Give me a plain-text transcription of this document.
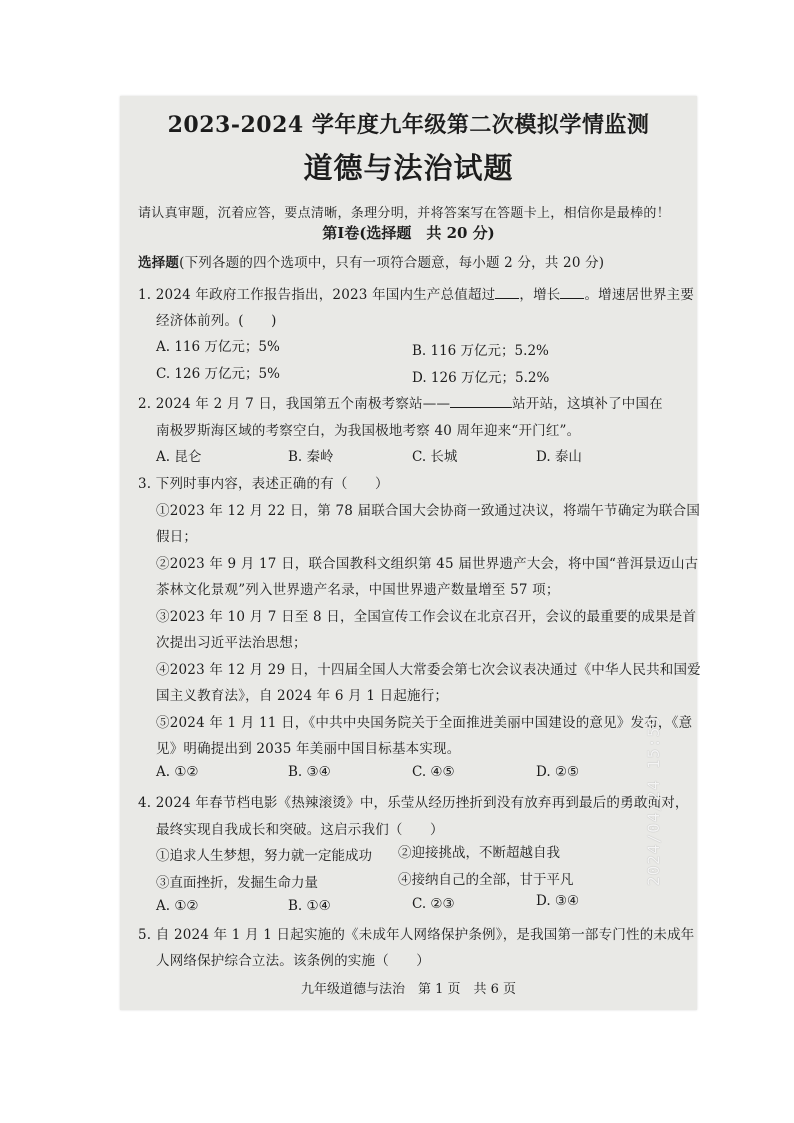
2023-2024 学年度九年级第二次模拟学情监测
道德与法治试题
请认真审题，沉着应答，要点清晰，条理分明，并将答案写在答题卡上，相信你是最棒的！
第Ⅰ卷(选择题　共 20 分)
选择题(下列各题的四个选项中，只有一项符合题意，每小题 2 分，共 20 分)
1. 2024 年政府工作报告指出，2023 年国内生产总值超过 ，增长 。增速居世界主要
经济体前列。(　　)
A. 116 万亿元；5%	B. 116 万亿元；5.2%
C. 126 万亿元；5%	D. 126 万亿元；5.2%
2. 2024 年 2 月 7 日，我国第五个南极考察站——	站开站，这填补了中国在
南极罗斯海区域的考察空白，为我国极地考察 40 周年迎来“开门红”。
A. 昆仑	B. 秦岭	C. 长城	D. 泰山
3. 下列时事内容，表述正确的有（　　）
①2023 年 12 月 22 日，第 78 届联合国大会协商一致通过决议，将端午节确定为联合国
假日；
②2023 年 9 月 17 日，联合国教科文组织第 45 届世界遗产大会，将中国“普洱景迈山古
茶林文化景观”列入世界遗产名录，中国世界遗产数量增至 57 项；
③2023 年 10 月 7 日至 8 日，全国宣传工作会议在北京召开，会议的最重要的成果是首
次提出习近平法治思想；
④2023 年 12 月 29 日，十四届全国人大常委会第七次会议表决通过《中华人民共和国爱
国主义教育法》，自 2024 年 6 月 1 日起施行；
⑤2024 年 1 月 11 日，《中共中央国务院关于全面推进美丽中国建设的意见》发布，《意
见》明确提出到 2035 年美丽中国目标基本实现。
A. ①②	B. ③④	C. ④⑤	D. ②⑤
4. 2024 年春节档电影《热辣滚烫》中，乐莹从经历挫折到没有放弃再到最后的勇敢面对，
最终实现自我成长和突破。这启示我们（　　）
①追求人生梦想，努力就一定能成功 ②迎接挑战，不断超越自我
③直面挫折，发掘生命力量	④接纳自己的全部，甘于平凡
A. ①②	B. ①④	C. ②③	D. ③④
5. 自 2024 年 1 月 1 日起实施的《未成年人网络保护条例》，是我国第一部专门性的未成年
人网络保护综合立法。该条例的实施（　　）
九年级道德与法治　第 1 页　共 6 页
2024/04/24 15:59
